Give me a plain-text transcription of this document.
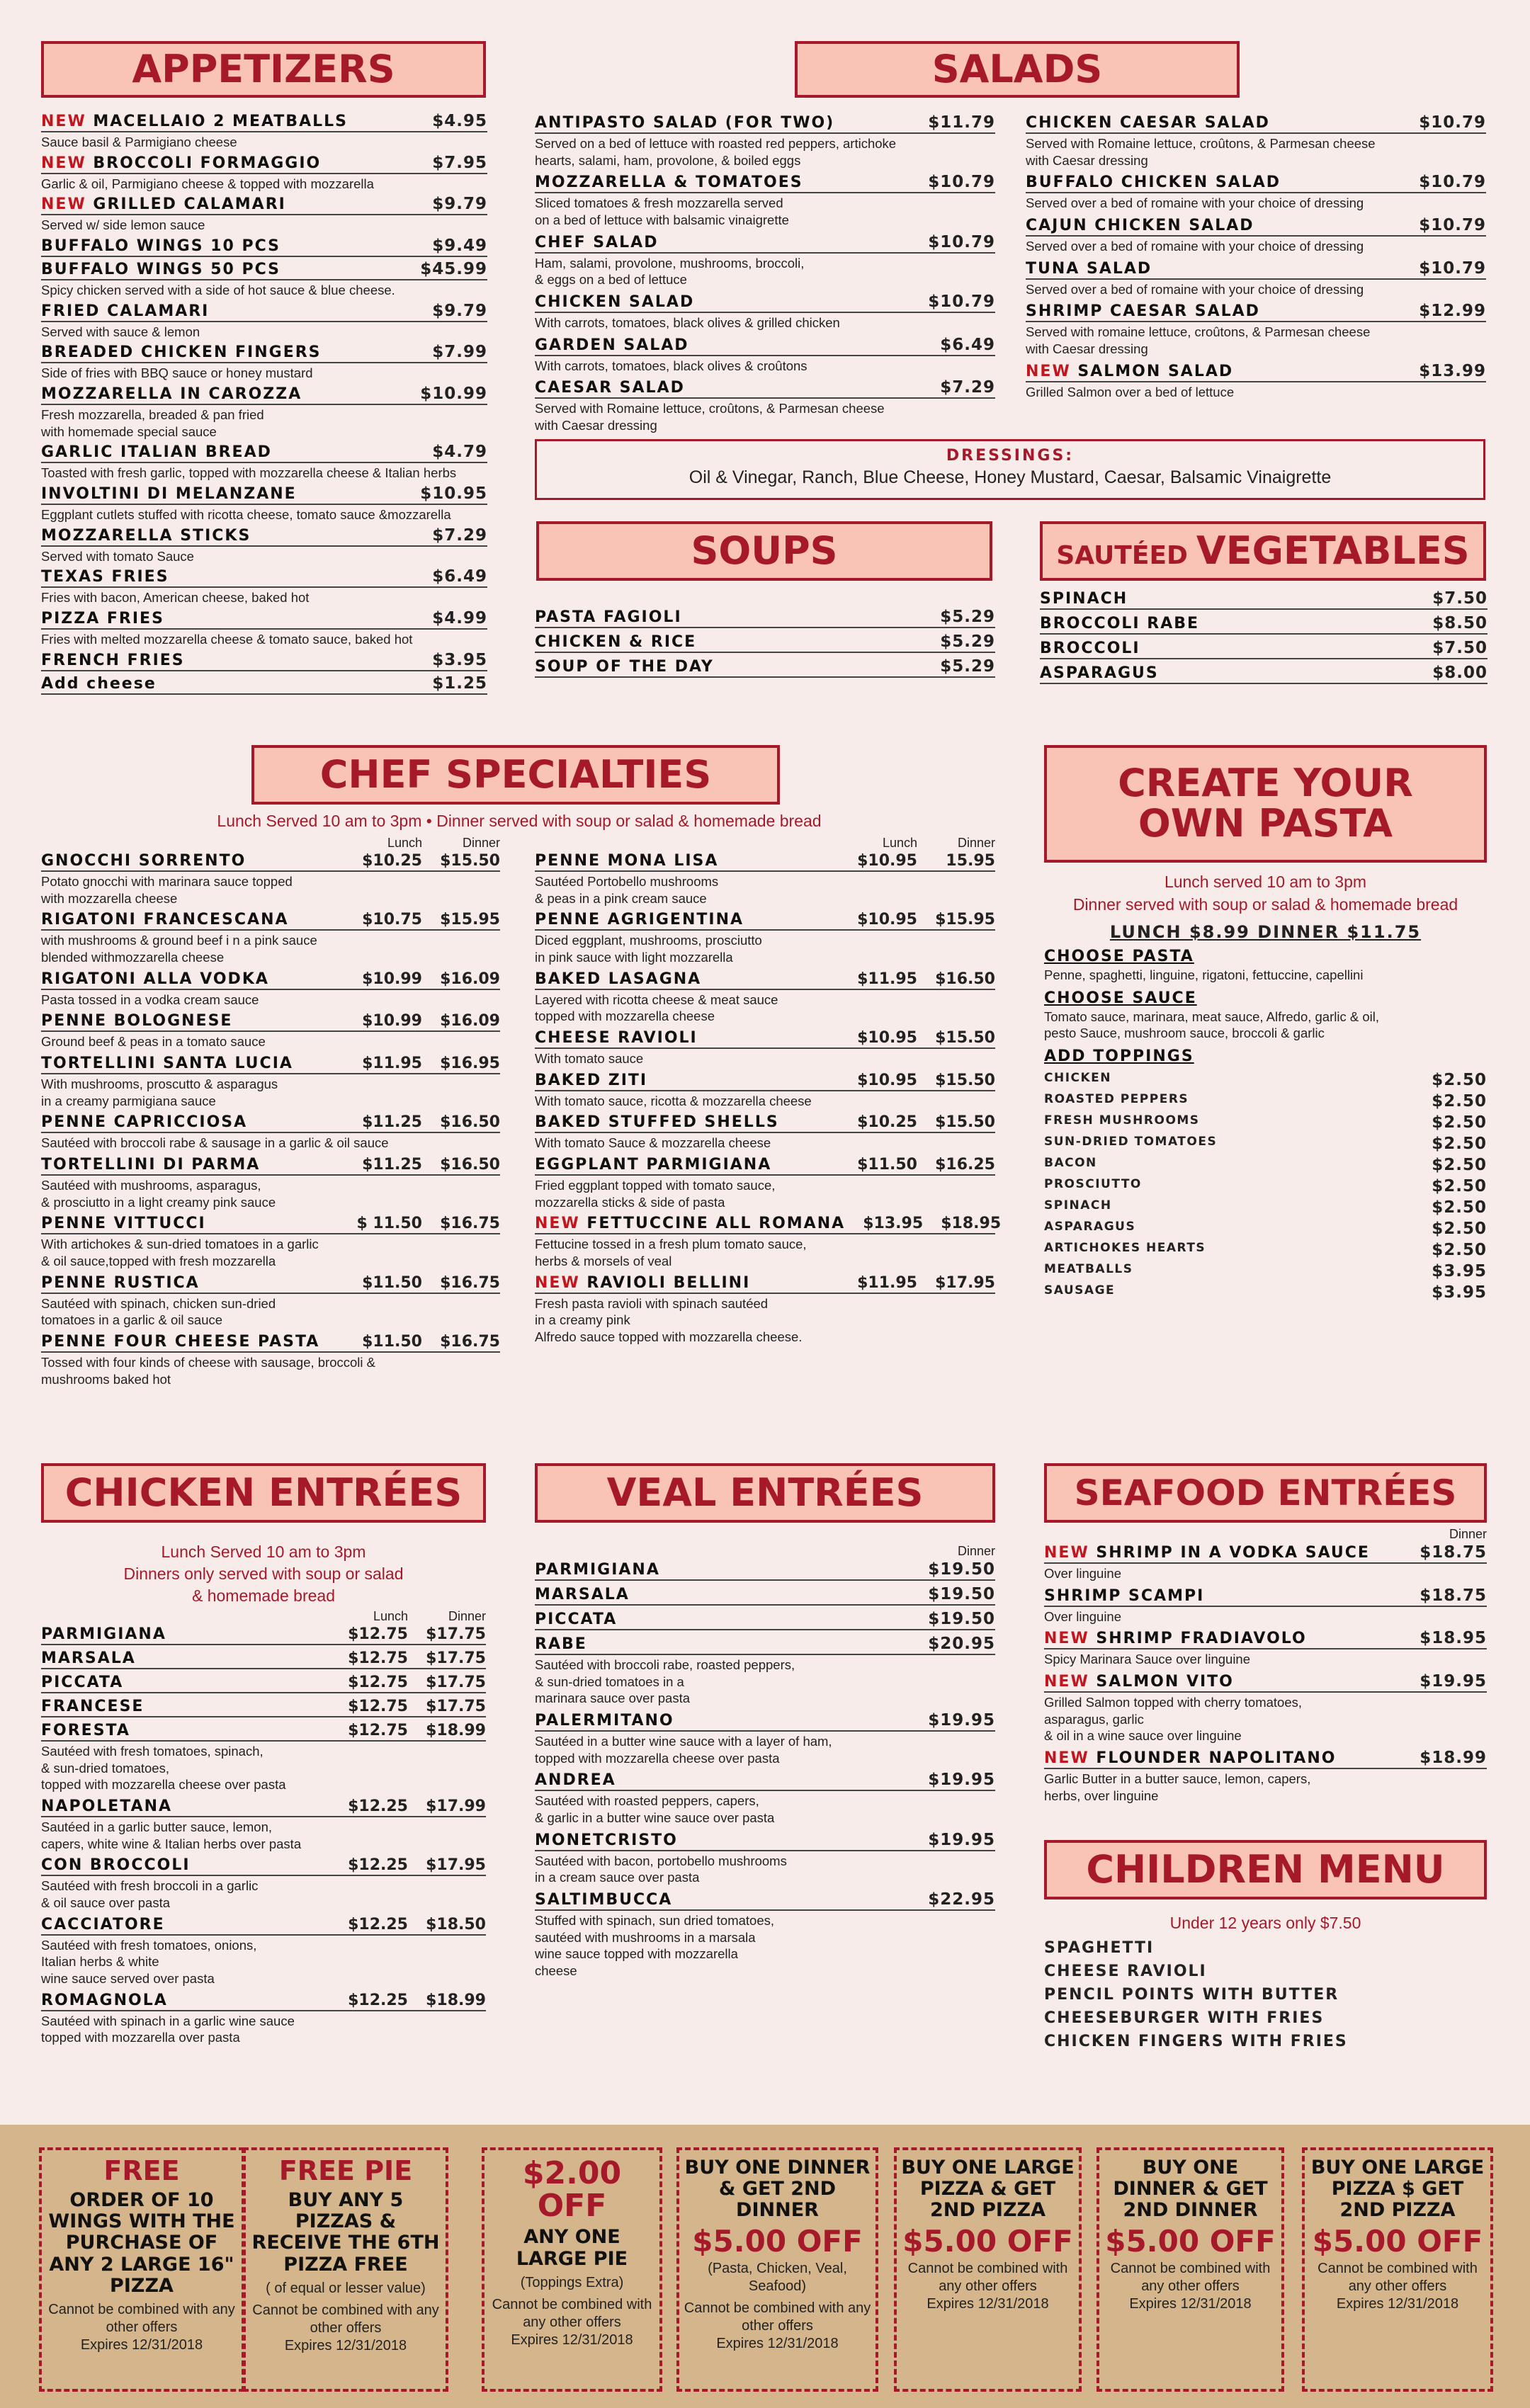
APPETIZERS
NEW MACELLAIO 2 MEATBALLS	$4.95
Sauce basil & Parmigiano cheese
NEW BROCCOLI FORMAGGIO	$7.95
Garlic & oil, Parmigiano cheese & topped with mozzarella
NEW GRILLED CALAMARI	$9.79
Served w/ side lemon sauce
BUFFALO WINGS 10 PCS	$9.49
BUFFALO WINGS 50 PCS	$45.99
Spicy chicken served with a side of hot sauce & blue cheese.
FRIED CALAMARI	$9.79
Served with sauce & lemon
BREADED CHICKEN FINGERS	$7.99
Side of fries with BBQ sauce or honey mustard
MOZZARELLA IN CAROZZA	$10.99
Fresh mozzarella, breaded & pan fried
with homemade special sauce
GARLIC ITALIAN BREAD	$4.79
Toasted with fresh garlic, topped with mozzarella cheese & Italian herbs
INVOLTINI DI MELANZANE	$10.95
Eggplant cutlets stuffed with ricotta cheese, tomato sauce &mozzarella
MOZZARELLA STICKS	$7.29
Served with tomato Sauce
TEXAS FRIES	$6.49
Fries with bacon, American cheese, baked hot
PIZZA FRIES	$4.99
Fries with melted mozzarella cheese & tomato sauce, baked hot
FRENCH FRIES	$3.95
Add cheese	$1.25
SALADS
ANTIPASTO SALAD (FOR TWO)	$11.79
Served on a bed of lettuce with roasted red peppers, artichoke
hearts, salami, ham, provolone, & boiled eggs
MOZZARELLA & TOMATOES	$10.79
Sliced tomatoes & fresh mozzarella served
on a bed of lettuce with balsamic vinaigrette
CHEF SALAD	$10.79
Ham, salami, provolone, mushrooms, broccoli,
& eggs on a bed of lettuce
CHICKEN SALAD	$10.79
With carrots, tomatoes, black olives & grilled chicken
GARDEN SALAD	$6.49
With carrots, tomatoes, black olives & croûtons
CAESAR SALAD	$7.29
Served with Romaine lettuce, croûtons, & Parmesan cheese
with Caesar dressing
CHICKEN CAESAR SALAD	$10.79
Served with Romaine lettuce, croûtons, & Parmesan cheese
with Caesar dressing
BUFFALO CHICKEN SALAD	$10.79
Served over a bed of romaine with your choice of dressing
CAJUN CHICKEN SALAD	$10.79
Served over a bed of romaine with your choice of dressing
TUNA SALAD	$10.79
Served over a bed of romaine with your choice of dressing
SHRIMP CAESAR SALAD	$12.99
Served with romaine lettuce, croûtons, & Parmesan cheese
with Caesar dressing
NEW SALMON SALAD	$13.99
Grilled Salmon over a bed of lettuce
DRESSINGS:
Oil & Vinegar, Ranch, Blue Cheese, Honey Mustard, Caesar, Balsamic Vinaigrette
SOUPS
PASTA FAGIOLI	$5.29
CHICKEN & RICE	$5.29
SOUP OF THE DAY	$5.29
SAUTÉED VEGETABLES
SPINACH	$7.50
BROCCOLI RABE	$8.50
BROCCOLI	$7.50
ASPARAGUS	$8.00
CHEF SPECIALTIES
Lunch Served 10 am to 3pm • Dinner served with soup or salad & homemade bread
Lunch	Dinner
GNOCCHI SORRENTO	$10.25	$15.50
Potato gnocchi with marinara sauce topped
with mozzarella cheese
RIGATONI FRANCESCANA	$10.75	$15.95
with mushrooms & ground beef i n a pink sauce
blended withmozzarella cheese
RIGATONI ALLA VODKA	$10.99	$16.09
Pasta tossed in a vodka cream sauce
PENNE BOLOGNESE	$10.99	$16.09
Ground beef & peas in a tomato sauce
TORTELLINI SANTA LUCIA	$11.95	$16.95
With mushrooms, proscutto & asparagus
in a creamy parmigiana sauce
PENNE CAPRICCIOSA	$11.25	$16.50
Sautéed with broccoli rabe & sausage in a garlic & oil sauce
TORTELLINI DI PARMA	$11.25	$16.50
Sautéed with mushrooms, asparagus,
& prosciutto in a light creamy pink sauce
PENNE VITTUCCI	$ 11.50	$16.75
With artichokes & sun-dried tomatoes in a garlic
& oil sauce,topped with fresh mozzarella
PENNE RUSTICA	$11.50	$16.75
Sautéed with spinach, chicken sun-dried
tomatoes in a garlic & oil sauce
PENNE FOUR CHEESE PASTA	$11.50	$16.75
Tossed with four kinds of cheese with sausage, broccoli &
mushrooms baked hot
Lunch	Dinner
PENNE MONA LISA	$10.95	15.95
Sautéed Portobello mushrooms
& peas in a pink cream sauce
PENNE AGRIGENTINA	$10.95	$15.95
Diced eggplant, mushrooms, prosciutto
in pink sauce with light mozzarella
BAKED LASAGNA	$11.95	$16.50
Layered with ricotta cheese & meat sauce
topped with mozzarella cheese
CHEESE RAVIOLI	$10.95	$15.50
With tomato sauce
BAKED ZITI	$10.95	$15.50
With tomato sauce, ricotta & mozzarella cheese
BAKED STUFFED SHELLS	$10.25	$15.50
With tomato Sauce & mozzarella cheese
EGGPLANT PARMIGIANA	$11.50	$16.25
Fried eggplant topped with tomato sauce,
mozzarella sticks & side of pasta
NEW FETTUCCINE ALL ROMANA	$13.95	$18.95
Fettucine tossed in a fresh plum tomato sauce,
herbs & morsels of veal
NEW RAVIOLI BELLINI	$11.95	$17.95
Fresh pasta ravioli with spinach sautéed
in a creamy pink
Alfredo sauce topped with mozzarella cheese.
CREATE YOUR OWN PASTA
Lunch served 10 am to 3pm
Dinner served with soup or salad & homemade bread
LUNCH $8.99 DINNER $11.75
CHOOSE PASTA
Penne, spaghetti, linguine, rigatoni, fettuccine, capellini
CHOOSE SAUCE
Tomato sauce, marinara, meat sauce, Alfredo, garlic & oil,
pesto Sauce, mushroom sauce, broccoli & garlic
ADD TOPPINGS
CHICKEN	$2.50
ROASTED PEPPERS	$2.50
FRESH MUSHROOMS	$2.50
SUN-DRIED TOMATOES	$2.50
BACON	$2.50
PROSCIUTTO	$2.50
SPINACH	$2.50
ASPARAGUS	$2.50
ARTICHOKES HEARTS	$2.50
MEATBALLS	$3.95
SAUSAGE	$3.95
CHICKEN ENTRÉES
Lunch Served 10 am to 3pm
Dinners only served with soup or salad
& homemade bread
Lunch	Dinner
PARMIGIANA	$12.75	$17.75
MARSALA	$12.75	$17.75
PICCATA	$12.75	$17.75
FRANCESE	$12.75	$17.75
FORESTA	$12.75	$18.99
Sautéed with fresh tomatoes, spinach,
& sun-dried tomatoes,
topped with mozzarella cheese over pasta
NAPOLETANA	$12.25	$17.99
Sautéed in a garlic butter sauce, lemon,
capers, white wine & Italian herbs over pasta
CON BROCCOLI	$12.25	$17.95
Sautéed with fresh broccoli in a garlic
& oil sauce over pasta
CACCIATORE	$12.25	$18.50
Sautéed with fresh tomatoes, onions,
Italian herbs & white
wine sauce served over pasta
ROMAGNOLA	$12.25	$18.99
Sautéed with spinach in a garlic wine sauce
topped with mozzarella over pasta
VEAL ENTRÉES
Dinner
PARMIGIANA	$19.50
MARSALA	$19.50
PICCATA	$19.50
RABE	$20.95
Sautéed with broccoli rabe, roasted peppers,
& sun-dried tomatoes in a
marinara sauce over pasta
PALERMITANO	$19.95
Sautéed in a butter wine sauce with a layer of ham,
topped with mozzarella cheese over pasta
ANDREA	$19.95
Sautéed with roasted peppers, capers,
& garlic in a butter wine sauce over pasta
MONETCRISTO	$19.95
Sautéed with bacon, portobello mushrooms
in a cream sauce over pasta
SALTIMBUCCA	$22.95
Stuffed with spinach, sun dried tomatoes,
sautéed with mushrooms in a marsala
wine sauce topped with mozzarella
cheese
SEAFOOD ENTRÉES
Dinner
NEW SHRIMP IN A VODKA SAUCE	$18.75
Over linguine
SHRIMP SCAMPI	$18.75
Over linguine
NEW SHRIMP FRADIAVOLO	$18.95
Spicy Marinara Sauce over linguine
NEW SALMON VITO	$19.95
Grilled Salmon topped with cherry tomatoes,
asparagus, garlic
& oil in a wine sauce over linguine
NEW FLOUNDER NAPOLITANO	$18.99
Garlic Butter in a butter sauce, lemon, capers,
herbs, over linguine
CHILDREN MENU
Under 12 years only $7.50
SPAGHETTI
CHEESE RAVIOLI
PENCIL POINTS WITH BUTTER
CHEESEBURGER WITH FRIES
CHICKEN FINGERS WITH FRIES
FREE
ORDER OF 10 WINGS WITH THE PURCHASE OF ANY 2 LARGE 16" PIZZA
Cannot be combined with any other offers
Expires 12/31/2018
FREE PIE
BUY ANY 5 PIZZAS & RECEIVE THE 6TH PIZZA FREE
( of equal or lesser value)
Cannot be combined with any other offers
Expires 12/31/2018
$2.00 OFF
ANY ONE LARGE PIE
(Toppings Extra)
Cannot be combined with any other offers
Expires 12/31/2018
BUY ONE DINNER & GET 2ND DINNER
$5.00 OFF
(Pasta, Chicken, Veal, Seafood)
Cannot be combined with any other offers
Expires 12/31/2018
BUY ONE LARGE PIZZA & GET 2ND PIZZA
$5.00 OFF
Cannot be combined with any other offers
Expires 12/31/2018
BUY ONE DINNER & GET 2ND DINNER
$5.00 OFF
Cannot be combined with any other offers
Expires 12/31/2018
BUY ONE LARGE PIZZA $ GET 2ND PIZZA
$5.00 OFF
Cannot be combined with any other offers
Expires 12/31/2018
